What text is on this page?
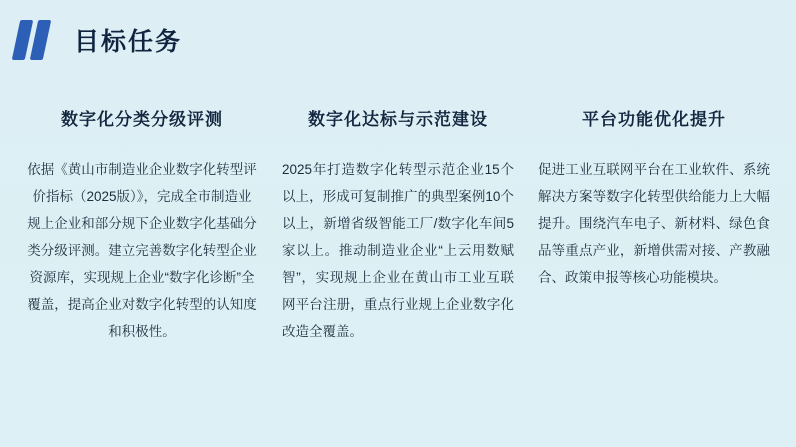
目标任务
数字化分类分级评测
依据《黄山市制造业企业数字化转型评价指标（2025版）》，完成全市制造业规上企业和部分规下企业数字化基础分类分级评测。建立完善数字化转型企业资源库，实现规上企业“数字化诊断”全覆盖，提高企业对数字化转型的认知度和积极性。
数字化达标与示范建设
2025年打造数字化转型示范企业15个以上，形成可复制推广的典型案例10个以上，新增省级智能工厂/数字化车间5家以上。推动制造业企业“上云用数赋智”，实现规上企业在黄山市工业互联网平台注册，重点行业规上企业数字化改造全覆盖。
平台功能优化提升
促进工业互联网平台在工业软件、系统解决方案等数字化转型供给能力上大幅提升。围绕汽车电子、新材料、绿色食品等重点产业，新增供需对接、产教融合、政策申报等核心功能模块。
